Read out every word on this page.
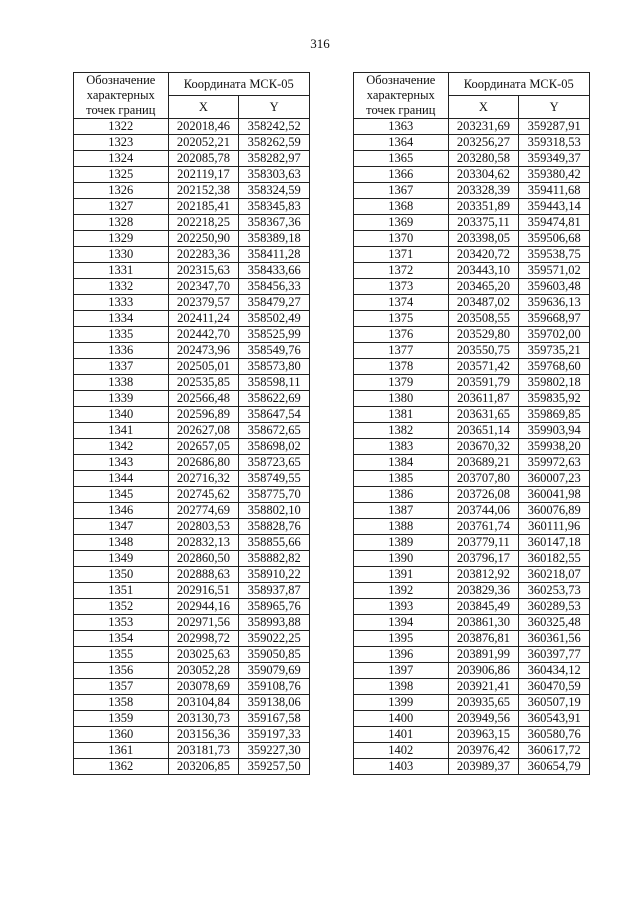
316
Обозначение характерных точек границ	Координата МСК-05	
	X	Y
1322	202018,46	358242,52
1323	202052,21	358262,59
1324	202085,78	358282,97
1325	202119,17	358303,63
1326	202152,38	358324,59
1327	202185,41	358345,83
1328	202218,25	358367,36
1329	202250,90	358389,18
1330	202283,36	358411,28
1331	202315,63	358433,66
1332	202347,70	358456,33
1333	202379,57	358479,27
1334	202411,24	358502,49
1335	202442,70	358525,99
1336	202473,96	358549,76
1337	202505,01	358573,80
1338	202535,85	358598,11
1339	202566,48	358622,69
1340	202596,89	358647,54
1341	202627,08	358672,65
1342	202657,05	358698,02
1343	202686,80	358723,65
1344	202716,32	358749,55
1345	202745,62	358775,70
1346	202774,69	358802,10
1347	202803,53	358828,76
1348	202832,13	358855,66
1349	202860,50	358882,82
1350	202888,63	358910,22
1351	202916,51	358937,87
1352	202944,16	358965,76
1353	202971,56	358993,88
1354	202998,72	359022,25
1355	203025,63	359050,85
1356	203052,28	359079,69
1357	203078,69	359108,76
1358	203104,84	359138,06
1359	203130,73	359167,58
1360	203156,36	359197,33
1361	203181,73	359227,30
1362	203206,85	359257,50
Обозначение характерных точек границ	Координата МСК-05	
	X	Y
1363	203231,69	359287,91
1364	203256,27	359318,53
1365	203280,58	359349,37
1366	203304,62	359380,42
1367	203328,39	359411,68
1368	203351,89	359443,14
1369	203375,11	359474,81
1370	203398,05	359506,68
1371	203420,72	359538,75
1372	203443,10	359571,02
1373	203465,20	359603,48
1374	203487,02	359636,13
1375	203508,55	359668,97
1376	203529,80	359702,00
1377	203550,75	359735,21
1378	203571,42	359768,60
1379	203591,79	359802,18
1380	203611,87	359835,92
1381	203631,65	359869,85
1382	203651,14	359903,94
1383	203670,32	359938,20
1384	203689,21	359972,63
1385	203707,80	360007,23
1386	203726,08	360041,98
1387	203744,06	360076,89
1388	203761,74	360111,96
1389	203779,11	360147,18
1390	203796,17	360182,55
1391	203812,92	360218,07
1392	203829,36	360253,73
1393	203845,49	360289,53
1394	203861,30	360325,48
1395	203876,81	360361,56
1396	203891,99	360397,77
1397	203906,86	360434,12
1398	203921,41	360470,59
1399	203935,65	360507,19
1400	203949,56	360543,91
1401	203963,15	360580,76
1402	203976,42	360617,72
1403	203989,37	360654,79
